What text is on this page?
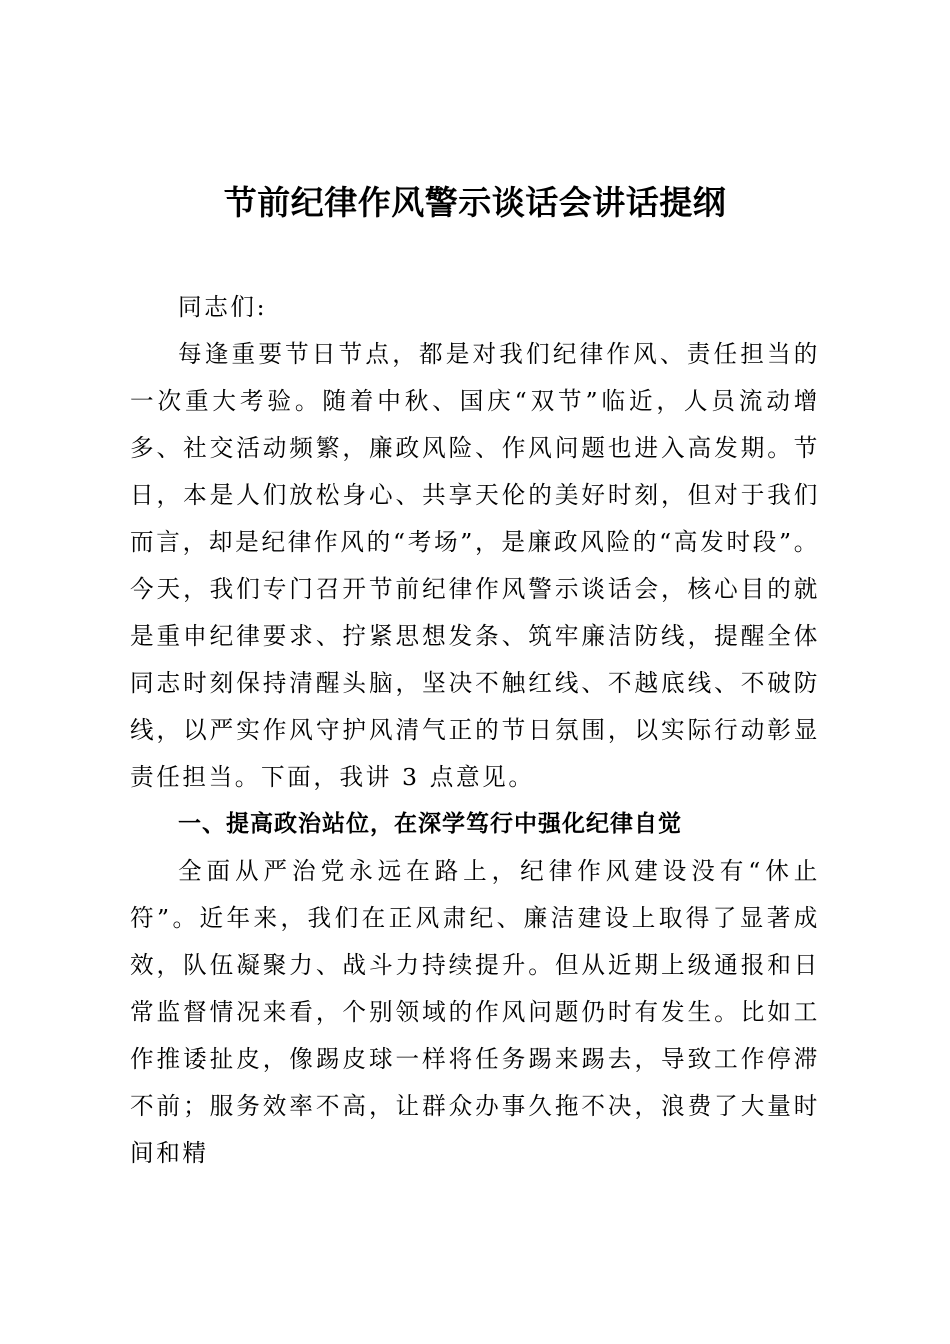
节前纪律作风警示谈话会讲话提纲

同志们:

每逢重要节日节点，都是对我们纪律作风、责任担当的一次重大考验。随着中秋、国庆“双节”临近，人员流动增多、社交活动频繁，廉政风险、作风问题也进入高发期。节日，本是人们放松身心、共享天伦的美好时刻，但对于我们而言，却是纪律作风的“考场”，是廉政风险的“高发时段”。今天，我们专门召开节前纪律作风警示谈话会，核心目的就是重申纪律要求、拧紧思想发条、筑牢廉洁防线，提醒全体同志时刻保持清醒头脑，坚决不触红线、不越底线、不破防线，以严实作风守护风清气正的节日氛围，以实际行动彰显责任担当。下面，我讲 3 点意见。

一、提高政治站位，在深学笃行中强化纪律自觉

全面从严治党永远在路上，纪律作风建设没有“休止符”。近年来，我们在正风肃纪、廉洁建设上取得了显著成效，队伍凝聚力、战斗力持续提升。但从近期上级通报和日常监督情况来看，个别领域的作风问题仍时有发生。比如工作推诿扯皮，像踢皮球一样将任务踢来踢去，导致工作停滞不前；服务效率不高，让群众办事久拖不决，浪费了大量时间和精
